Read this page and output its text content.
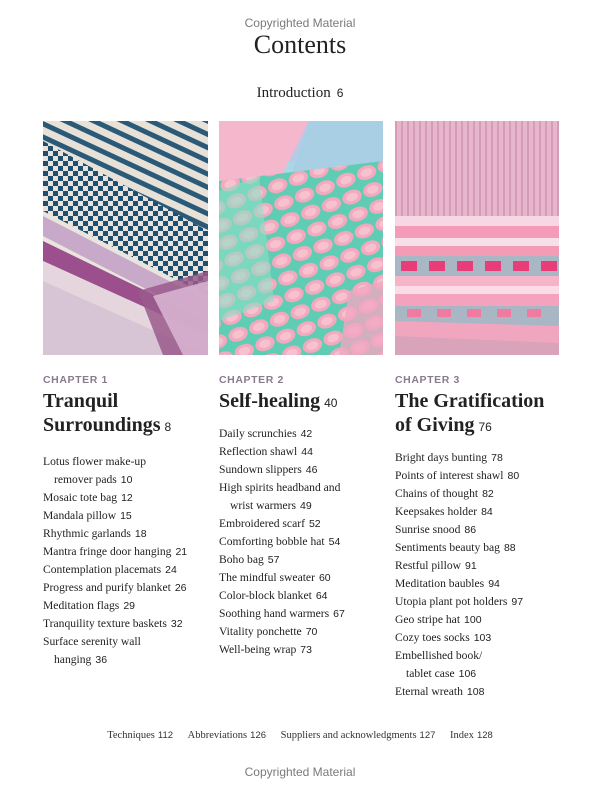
Copyrighted Material
Contents
Introduction 6
CHAPTER 1
Tranquil
Surroundings 8
Lotus flower make-up
remover pads 10
Mosaic tote bag 12
Mandala pillow 15
Rhythmic garlands 18
Mantra fringe door hanging 21
Contemplation placemats 24
Progress and purify blanket 26
Meditation flags 29
Tranquility texture baskets 32
Surface serenity wall
hanging 36
CHAPTER 2
Self-healing 40
Daily scrunchies 42
Reflection shawl 44
Sundown slippers 46
High spirits headband and
wrist warmers 49
Embroidered scarf 52
Comforting bobble hat 54
Boho bag 57
The mindful sweater 60
Color-block blanket 64
Soothing hand warmers 67
Vitality ponchette 70
Well-being wrap 73
CHAPTER 3
The Gratification
of Giving 76
Bright days bunting 78
Points of interest shawl 80
Chains of thought 82
Keepsakes holder 84
Sunrise snood 86
Sentiments beauty bag 88
Restful pillow 91
Meditation baubles 94
Utopia plant pot holders 97
Geo stripe hat 100
Cozy toes socks 103
Embellished book/
tablet case 106
Eternal wreath 108
Techniques 112 Abbreviations 126 Suppliers and acknowledgments 127 Index 128
Copyrighted Material
